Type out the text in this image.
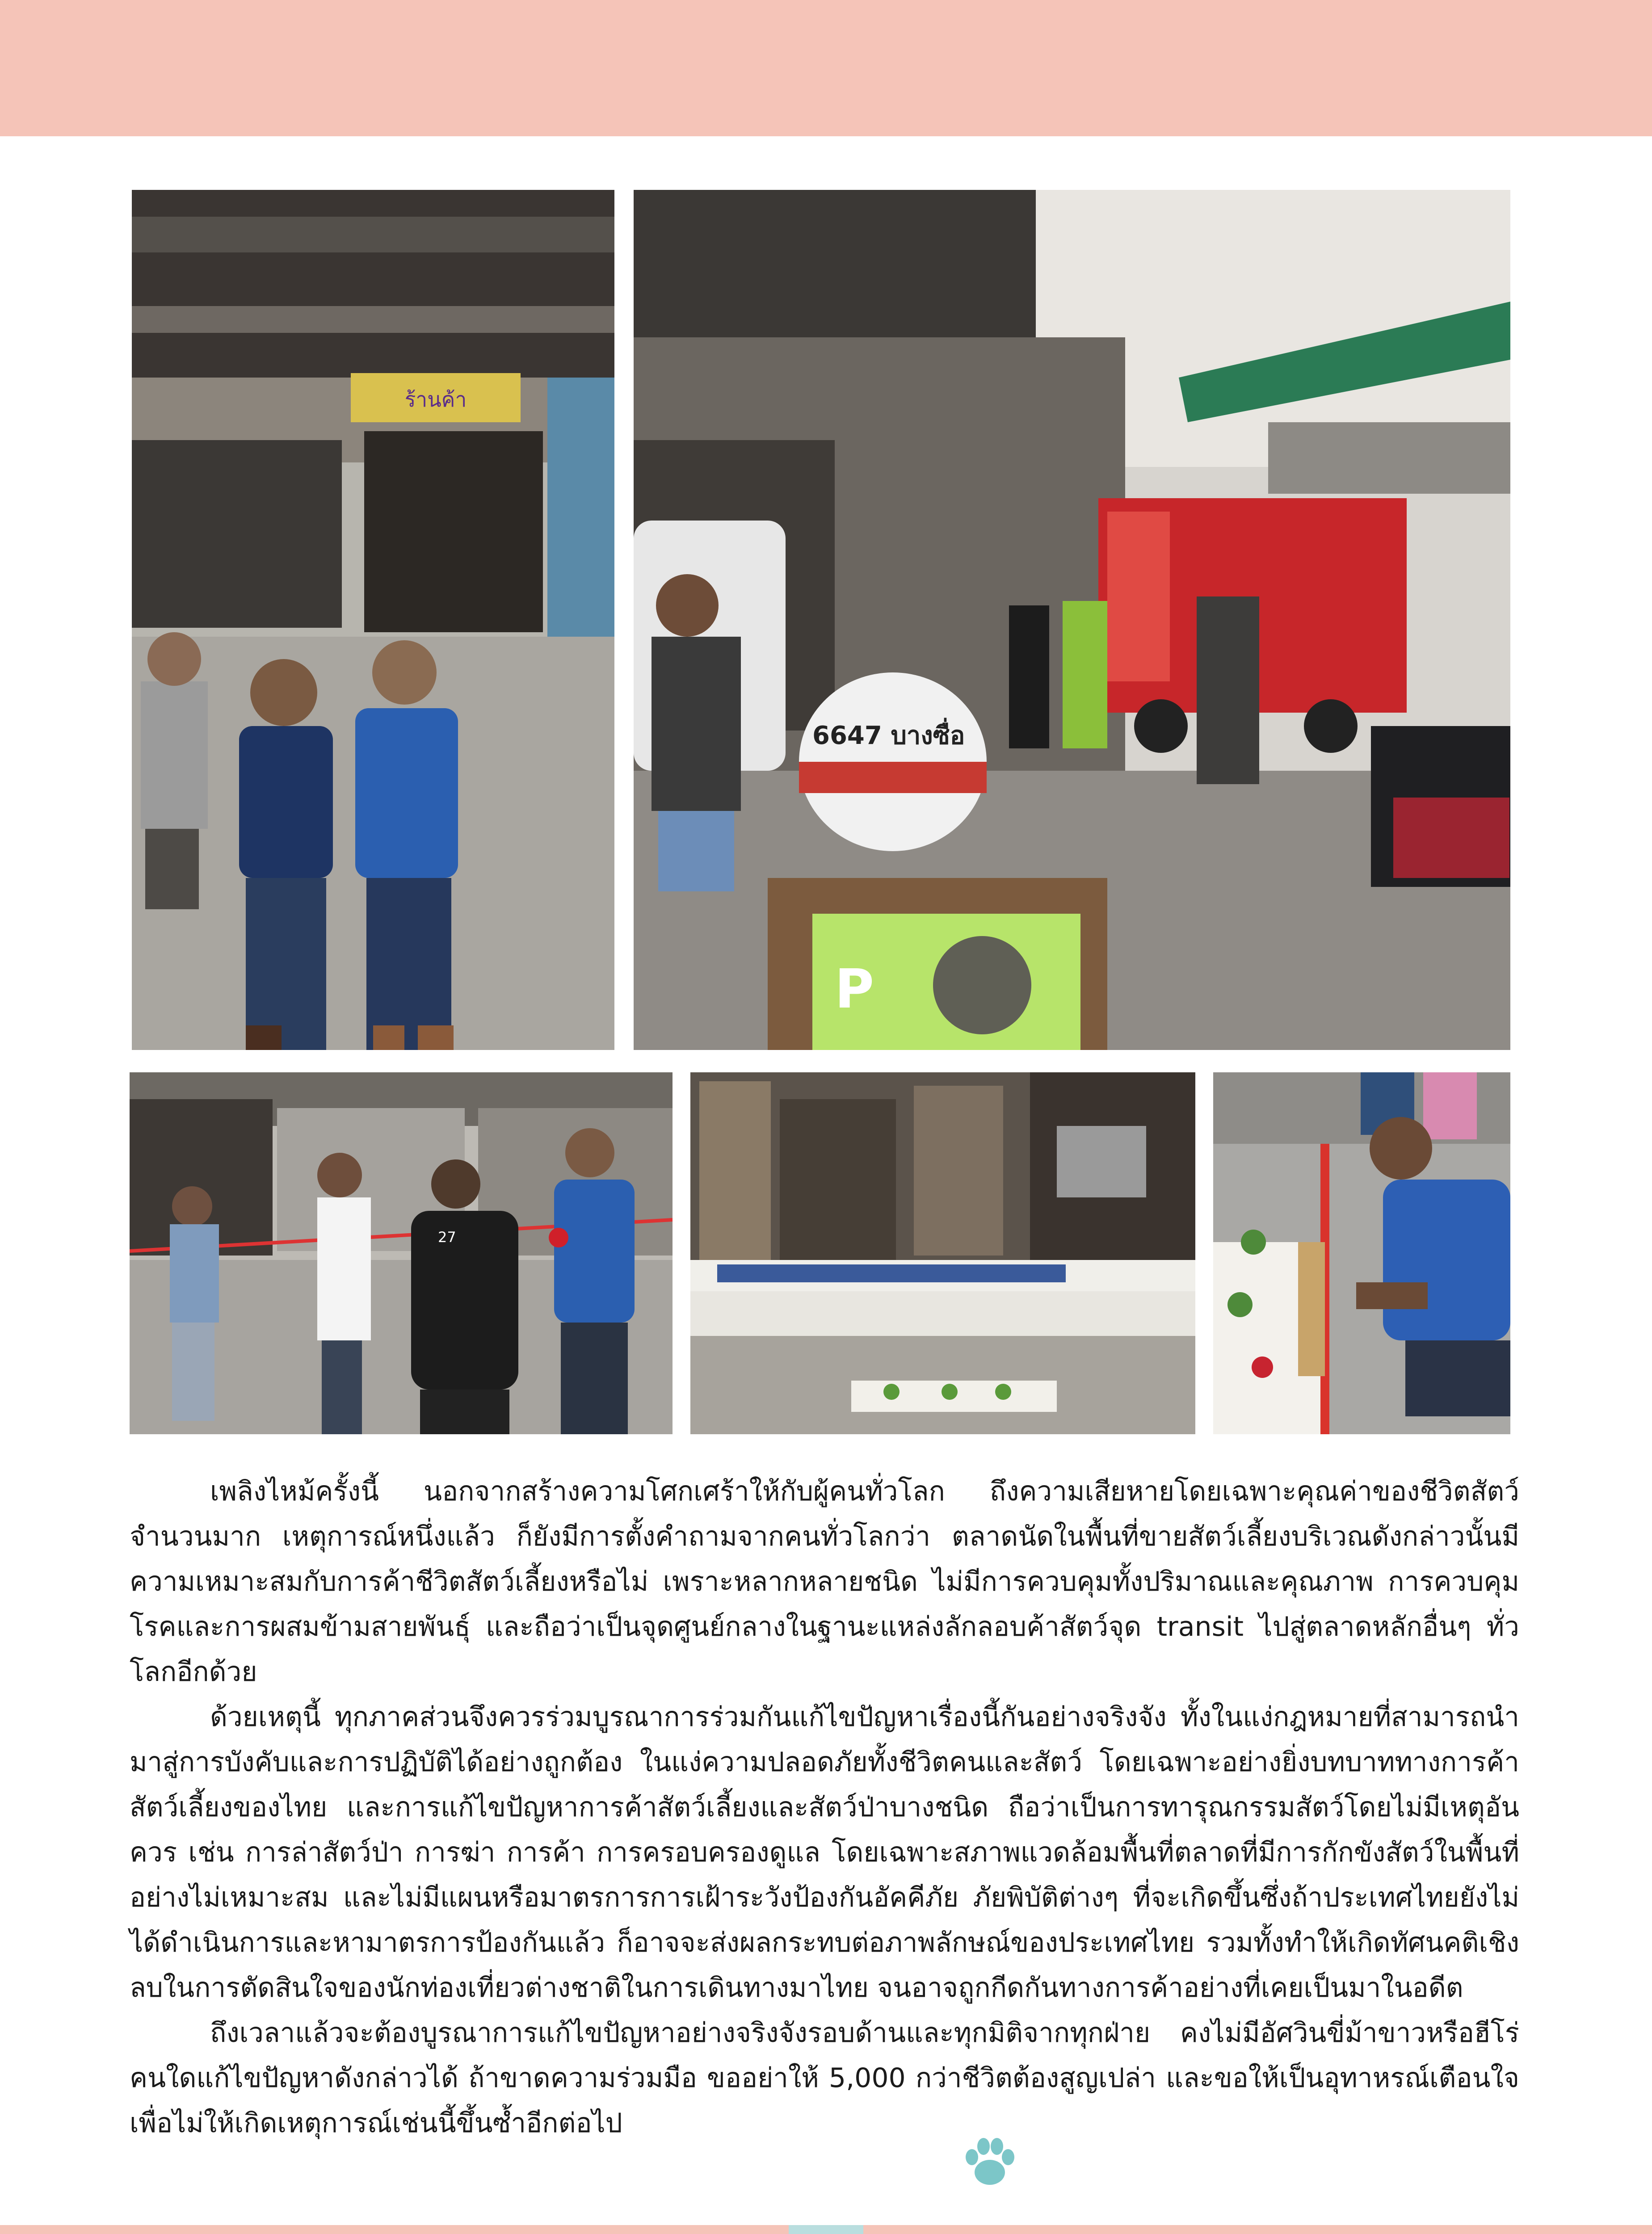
ร้านค้า
6647 บางซื่อ
P
27

เพลิงไหม้ครั้งนี้ นอกจากสร้างความโศกเศร้าให้กับผู้คนทั่วโลก ถึงความเสียหายโดยเฉพาะคุณค่าของชีวิตสัตว์จำนวนมาก เหตุการณ์หนึ่งแล้ว ก็ยังมีการตั้งคำถามจากคนทั่วโลกว่า ตลาดนัดในพื้นที่ขายสัตว์เลี้ยงบริเวณดังกล่าวนั้นมีความเหมาะสมกับการค้าชีวิตสัตว์เลี้ยงหรือไม่ เพราะหลากหลายชนิด ไม่มีการควบคุมทั้งปริมาณและคุณภาพ การควบคุมโรคและการผสมข้ามสายพันธุ์ และถือว่าเป็นจุดศูนย์กลางในฐานะแหล่งลักลอบค้าสัตว์จุด transit ไปสู่ตลาดหลักอื่นๆ ทั่วโลกอีกด้วย

ด้วยเหตุนี้ ทุกภาคส่วนจึงควรร่วมบูรณาการร่วมกันแก้ไขปัญหาเรื่องนี้กันอย่างจริงจัง ทั้งในแง่กฎหมายที่สามารถนำมาสู่การบังคับและการปฏิบัติได้อย่างถูกต้อง ในแง่ความปลอดภัยทั้งชีวิตคนและสัตว์ โดยเฉพาะอย่างยิ่งบทบาททางการค้าสัตว์เลี้ยงของไทย และการแก้ไขปัญหาการค้าสัตว์เลี้ยงและสัตว์ป่าบางชนิด ถือว่าเป็นการทารุณกรรมสัตว์โดยไม่มีเหตุอันควร เช่น การล่าสัตว์ป่า การฆ่า การค้า การครอบครองดูแล โดยเฉพาะสภาพแวดล้อมพื้นที่ตลาดที่มีการกักขังสัตว์ในพื้นที่อย่างไม่เหมาะสม และไม่มีแผนหรือมาตรการการเฝ้าระวังป้องกันอัคคีภัย ภัยพิบัติต่างๆ ที่จะเกิดขึ้นซึ่งถ้าประเทศไทยยังไม่ได้ดำเนินการและหามาตรการป้องกันแล้ว ก็อาจจะส่งผลกระทบต่อภาพลักษณ์ของประเทศไทย รวมทั้งทำให้เกิดทัศนคติเชิงลบในการตัดสินใจของนักท่องเที่ยวต่างชาติในการเดินทางมาไทย จนอาจถูกกีดกันทางการค้าอย่างที่เคยเป็นมาในอดีต

ถึงเวลาแล้วจะต้องบูรณาการแก้ไขปัญหาอย่างจริงจังรอบด้านและทุกมิติจากทุกฝ่าย คงไม่มีอัศวินขี่ม้าขาวหรือฮีโร่ คนใดแก้ไขปัญหาดังกล่าวได้ ถ้าขาดความร่วมมือ ขออย่าให้ 5,000 กว่าชีวิตต้องสูญเปล่า และขอให้เป็นอุทาหรณ์เตือนใจเพื่อไม่ให้เกิดเหตุการณ์เช่นนี้ขึ้นซ้ำอีกต่อไป
